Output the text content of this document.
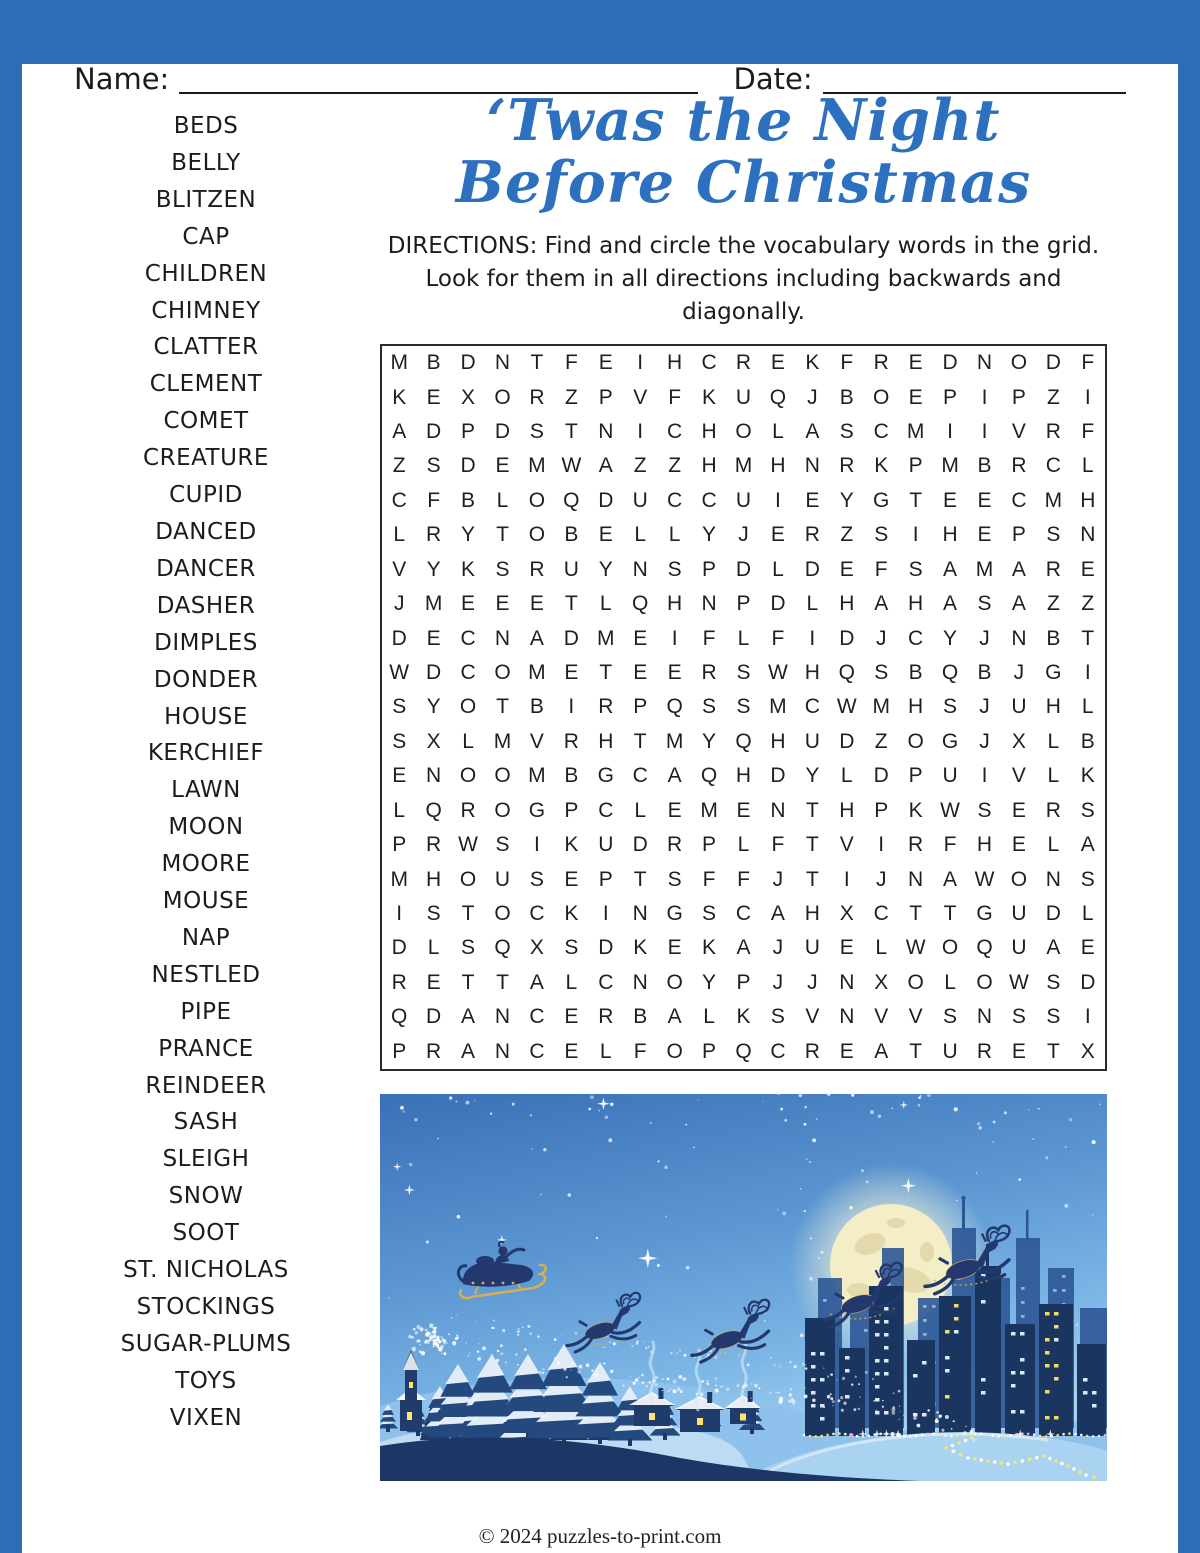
Name:	Date:
BEDS
BELLY
BLITZEN
CAP
CHILDREN
CHIMNEY
CLATTER
CLEMENT
COMET
CREATURE
CUPID
DANCED
DANCER
DASHER
DIMPLES
DONDER
HOUSE
KERCHIEF
LAWN
MOON
MOORE
MOUSE
NAP
NESTLED
PIPE
PRANCE
REINDEER
SASH
SLEIGH
SNOW
SOOT
ST. NICHOLAS
STOCKINGS
SUGAR-PLUMS
TOYS
VIXEN
‘Twas the Night
Before Christmas

DIRECTIONS: Find and circle the vocabulary words in the grid.
Look for them in all directions including backwards and diagonally.

M B D N T	F	E	I	H C R E K	F R E D N O D F
K E X O R Z	P V	F	K U Q	J	B O E P	I	P	Z	I
A D P D S	T N	I	C H O L	A S C M	I	I	V R F
Z	S D E M W A	Z	Z H M H N R K P M B R C L
C F	B	L O Q D U C C U	I	E Y G T	E E C M H
L	R Y	T O B E	L	L	Y	J	E R Z	S	I	H E P S N
V Y K S R U Y N S P D	L	D E	F	S A M A R E
J M E E E	T	L Q H N P D	L	H A H A S A	Z	Z
D E C N A D M E	I	F	L	F	I	D	J	C Y	J	N B	T
W D C O M E	T	E E R S W H Q S B Q B	J	G	I
S Y O T	B	I	R P Q S S M C W M H S	J	U H L
S X	L M V R H T M Y Q H U D Z O G	J	X	L	B
E N O O M B G C A Q H D Y	L	D P U	I	V	L	K
L Q R O G P C	L	E M E N T H P K W S E R S
P R W S	I	K U D R P	L	F	T	V	I	R F H E	L	A
M H O U S E P	T	S	F	F	J	T	I	J	N A W O N S
I	S	T O C K	I	N G S C A H X C T	T G U D L
D L	S Q X S D K E K A	J	U E	L W O Q U A E
R E	T	T	A	L	C N O Y P	J	J	N X O L O W S D
Q D A N C E R B A	L	K S V N V V S N S S	I
P R A N C E	L	F O P Q C R E A	T U R E	T	X
© 2024 puzzles-to-print.com
